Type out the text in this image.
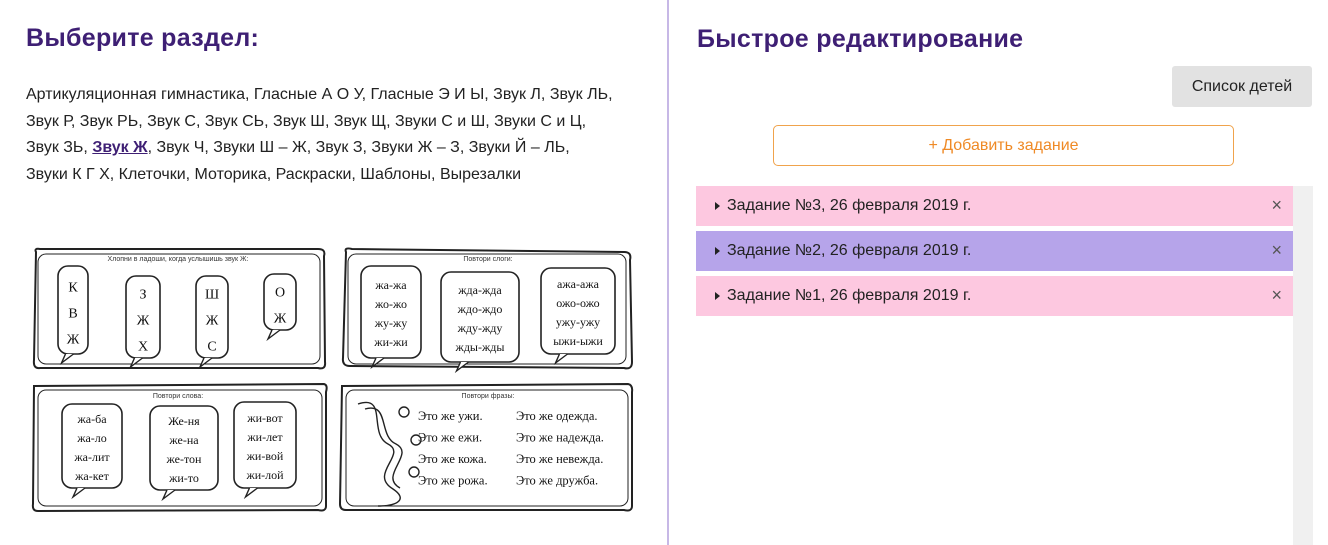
Выберите раздел:
Артикуляционная гимнастика, Гласные А О У, Гласные Э И Ы, Звук Л, Звук ЛЬ, Звук Р, Звук РЬ, Звук С, Звук СЬ, Звук Ш, Звук Щ, Звуки С и Ш, Звуки С и Ц, Звук ЗЬ, Звук Ж, Звук Ч, Звуки Ш – Ж, Звук З, Звуки Ж – З, Звуки Й – ЛЬ, Звуки К Г Х, Клеточки, Моторика, Раскраски, Шаблоны, Вырезалки
Хлопни в ладоши, когда услышишь звук Ж:	Повтори слоги:
Повтори слова:	Повтори фразы:
К
В
Ж
З
Ж
Х
Ш
Ж
С
О
Ж
жа-жа
жо-жо
жу-жу
жи-жи
жда-жда
ждо-ждо
жду-жду
жды-жды
ажа-ажа
ожо-ожо
ужу-ужу
ыжи-ыжи
жа-ба
жа-ло
жа-лит
жа-кет
Же-ня
же-на
же-тон
жи-то
жи-вот
жи-лет
жи-вой
жи-лой
Это же ужи.
Это же ежи.
Это же кожа.
Это же рожа.
Это же одежда.
Это же надежда.
Это же невежда.
Это же дружба.
Быстрое редактирование
Список детей
+ Добавить задание
Задание №3, 26 февраля 2019 г.	×
Задание №2, 26 февраля 2019 г.	×
Задание №1, 26 февраля 2019 г.	×
